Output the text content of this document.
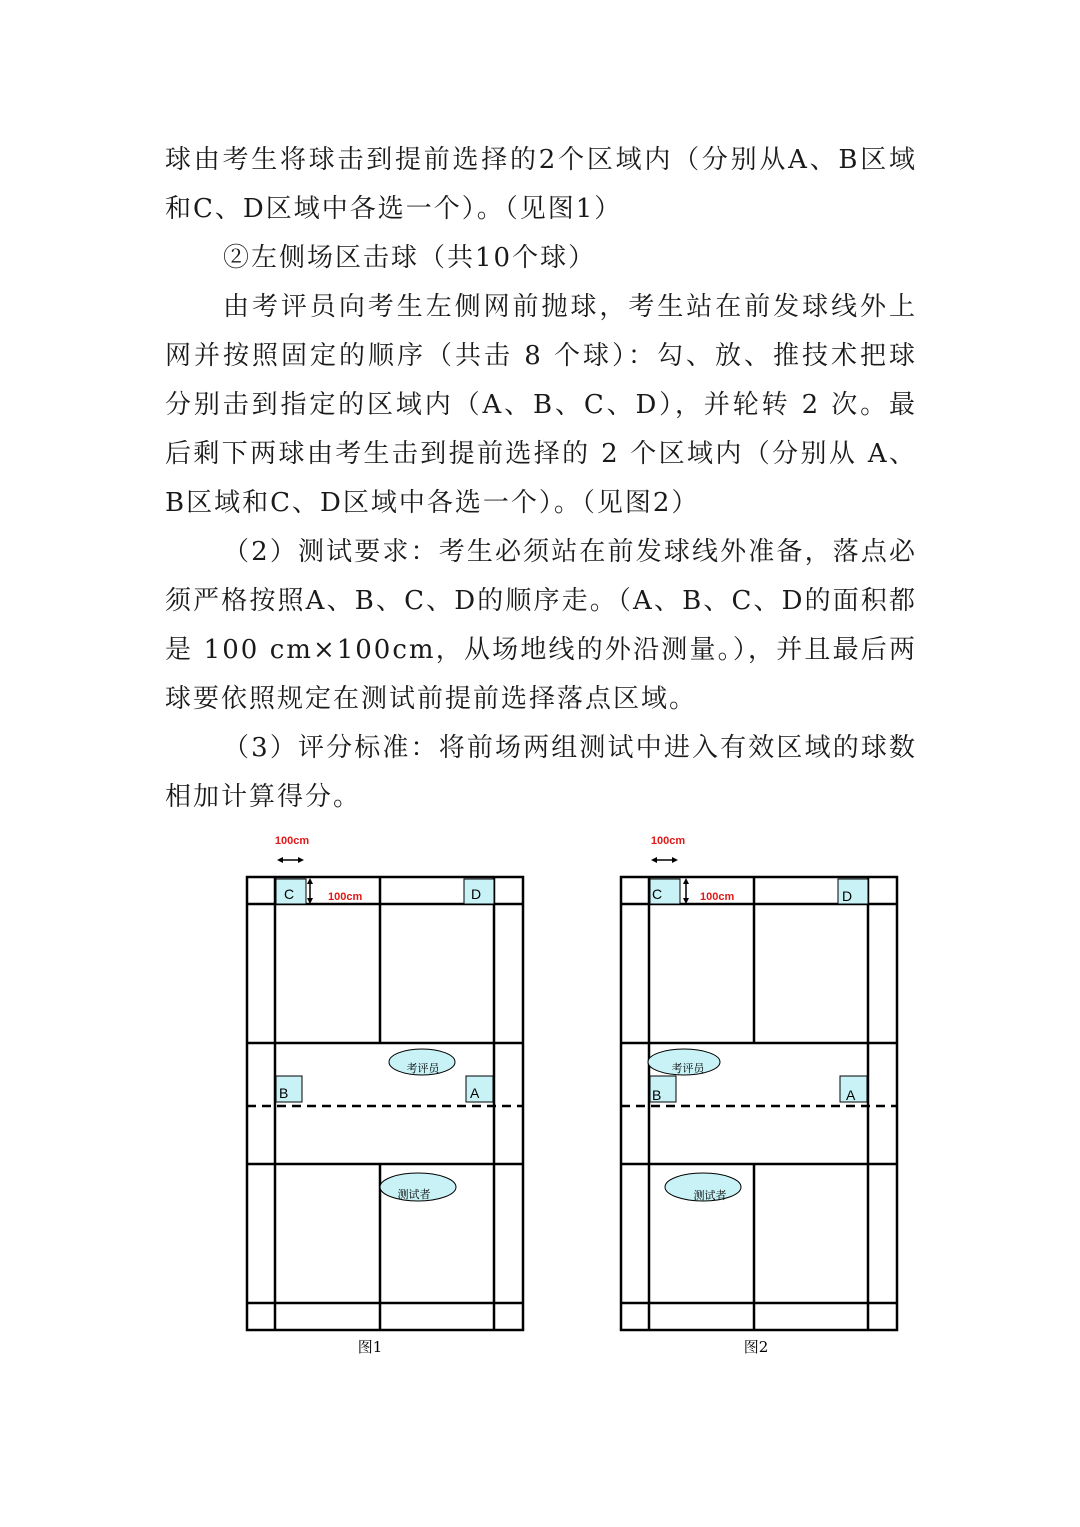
球由考生将球击到提前选择的2个区域内（分别从A、B区域和C、D区域中各选一个）。（见图1）

②左侧场区击球（共10个球）

由考评员向考生左侧网前抛球，考生站在前发球线外上网并按照固定的顺序（共击 8 个球）：勾、放、推技术把球分别击到指定的区域内（A、B、C、D），并轮转 2 次。最后剩下两球由考生击到提前选择的 2 个区域内（分别从 A、B区域和C、D区域中各选一个）。（见图2）

（2）测试要求：考生必须站在前发球线外准备，落点必须严格按照A、B、C、D的顺序走。（A、B、C、D的面积都是 100 cm×100cm，从场地线的外沿测量。），并且最后两球要依照规定在测试前提前选择落点区域。

（3）评分标准：将前场两组测试中进入有效区域的球数相加计算得分。

100cm
C	100cm	D
B	A
考评员
测试者
图1
100cm
C	100cm	D
B	A
考评员
测试者
图2
